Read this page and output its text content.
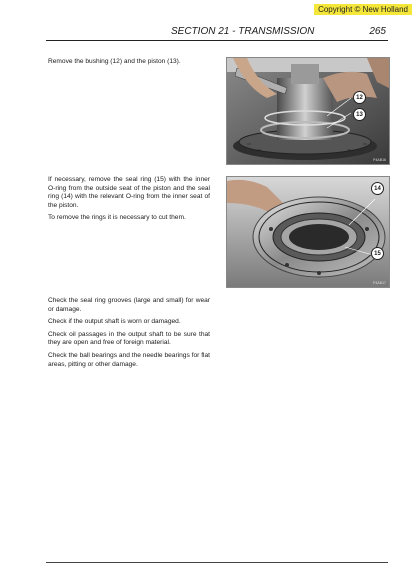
Copyright © New Holland
SECTION 21 - TRANSMISSION	265

Remove the bushing (12) and the piston (13).

12
13
P4AB16

If necessary, remove the seal ring (15) with the inner O-ring from the outside seat of the piston and the seal ring (14) with the relevant O-ring from the inner seat of the piston.

To remove the rings it is necessary to cut them.

14
15
P4AB17

Check the seal ring grooves (large and small) for wear or damage.

Check if the output shaft is worn or damaged.

Check oil passages in the output shaft to be sure that they are open and free of foreign material.

Check the ball bearings and the needle bearings for flat areas, pitting or other damage.
